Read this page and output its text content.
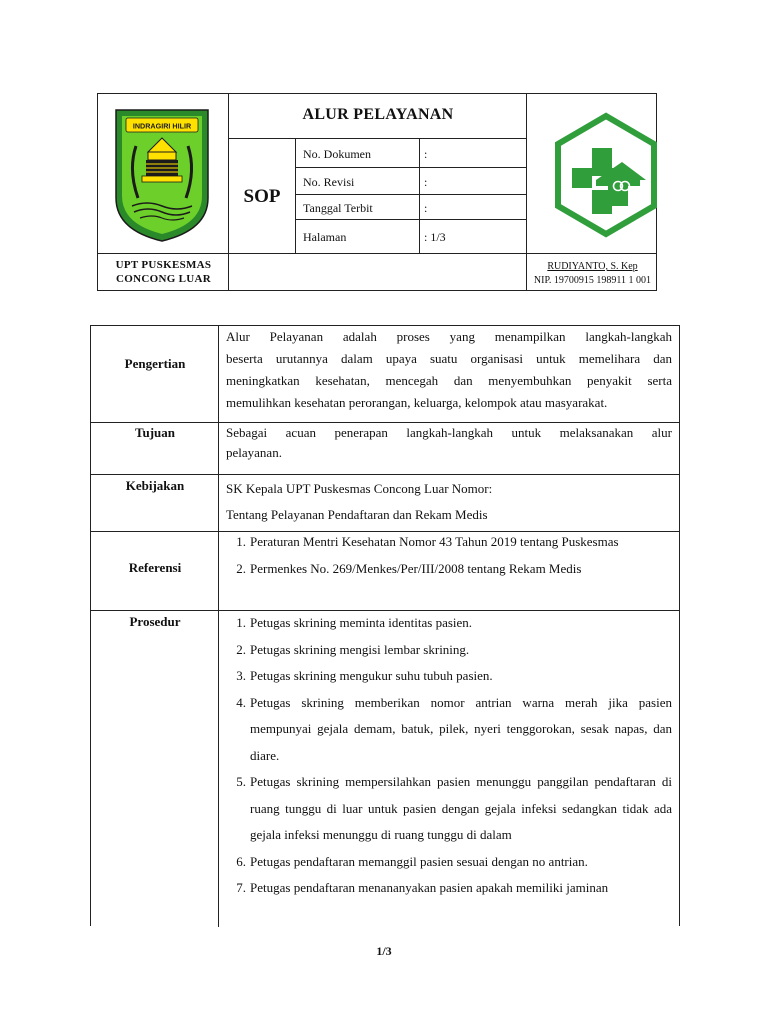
INDRAGIRI HILIR
ALUR PELAYANAN
SOP
No. Dokumen	:
No. Revisi	:
Tanggal Terbit	:
Halaman	: 1/3
UPT PUSKESMAS
CONCONG LUAR
RUDIYANTO, S. Kep
NIP. 19700915 198911 1 001
Pengertian

Alur Pelayanan adalah proses yang menampilkan langkah-langkah

beserta urutannya dalam upaya suatu organisasi untuk memelihara dan

meningkatkan kesehatan, mencegah dan menyembuhkan penyakit serta

memulihkan kesehatan perorangan, keluarga, kelompok atau masyarakat.

Tujuan	Sebagai acuan penerapan langkah-langkah untuk melaksanakan alur

pelayanan.

Kebijakan	SK Kepala UPT Puskesmas Concong Luar Nomor:

Tentang Pelayanan Pendaftaran dan Rekam Medis

Referensi
1. Peraturan Mentri Kesehatan Nomor 43 Tahun 2019 tentang Puskesmas
2. Permenkes No. 269/Menkes/Per/III/2008 tentang Rekam Medis
Prosedur	1. Petugas skrining meminta identitas pasien.
2. Petugas skrining mengisi lembar skrining.
3. Petugas skrining mengukur suhu tubuh pasien.
4. Petugas skrining memberikan nomor antrian warna merah jika pasien mempunyai gejala demam, batuk, pilek, nyeri tenggorokan, sesak napas, dan diare.
5. Petugas skrining mempersilahkan pasien menunggu panggilan pendaftaran di ruang tunggu di luar untuk pasien dengan gejala infeksi sedangkan tidak ada gejala infeksi menunggu di ruang tunggu di dalam
6. Petugas pendaftaran memanggil pasien sesuai dengan no antrian.
7. Petugas pendaftaran menananyakan pasien apakah memiliki jaminan
1/3
